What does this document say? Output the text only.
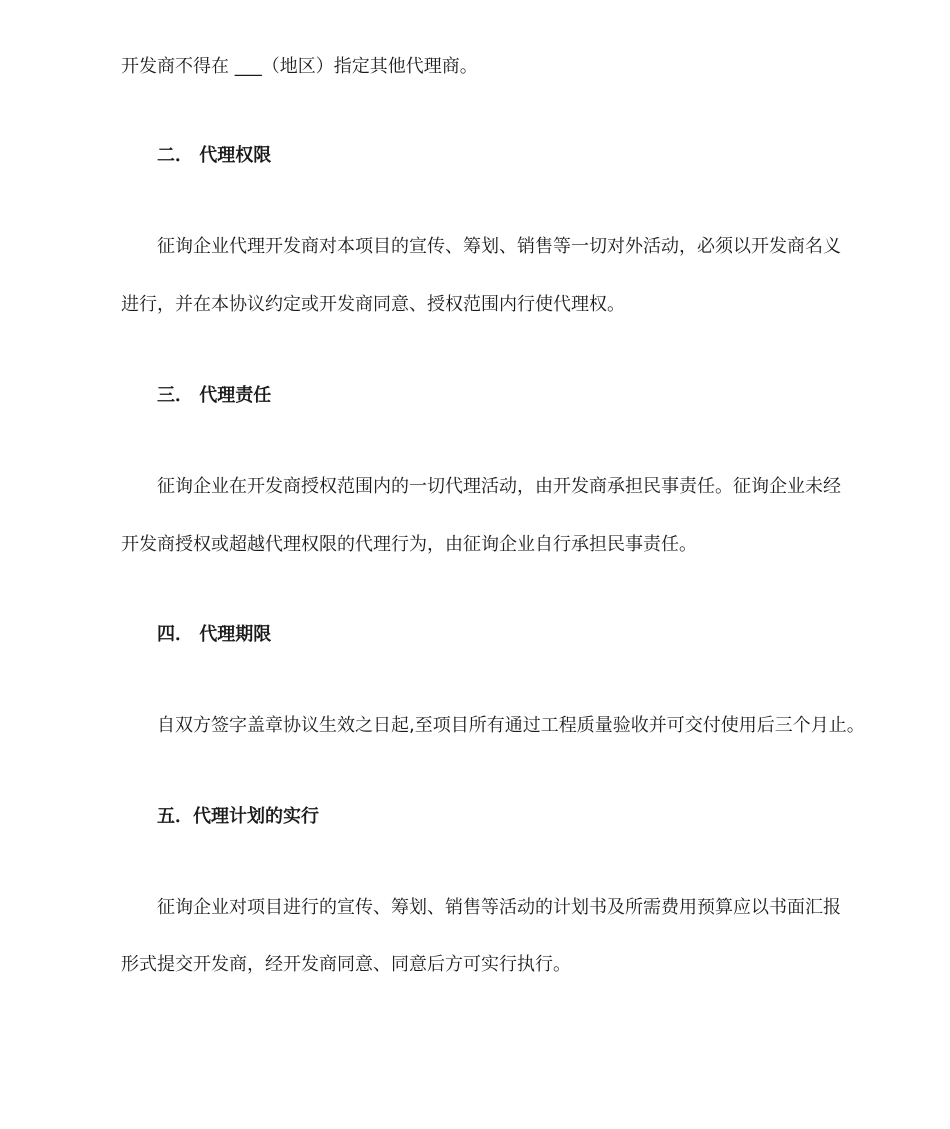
开发商不得在 ___（地区）指定其他代理商。
二． 代理权限
征询企业代理开发商对本项目的宣传、筹划、销售等一切对外活动，必须以开发商名义
进行，并在本协议约定或开发商同意、授权范围内行使代理权。
三． 代理责任
征询企业在开发商授权范围内的一切代理活动，由开发商承担民事责任。征询企业未经
开发商授权或超越代理权限的代理行为，由征询企业自行承担民事责任。
四． 代理期限
自双方签字盖章协议生效之日起,至项目所有通过工程质量验收并可交付使用后三个月止。
五．代理计划的实行
征询企业对项目进行的宣传、筹划、销售等活动的计划书及所需费用预算应以书面汇报
形式提交开发商，经开发商同意、同意后方可实行执行。
